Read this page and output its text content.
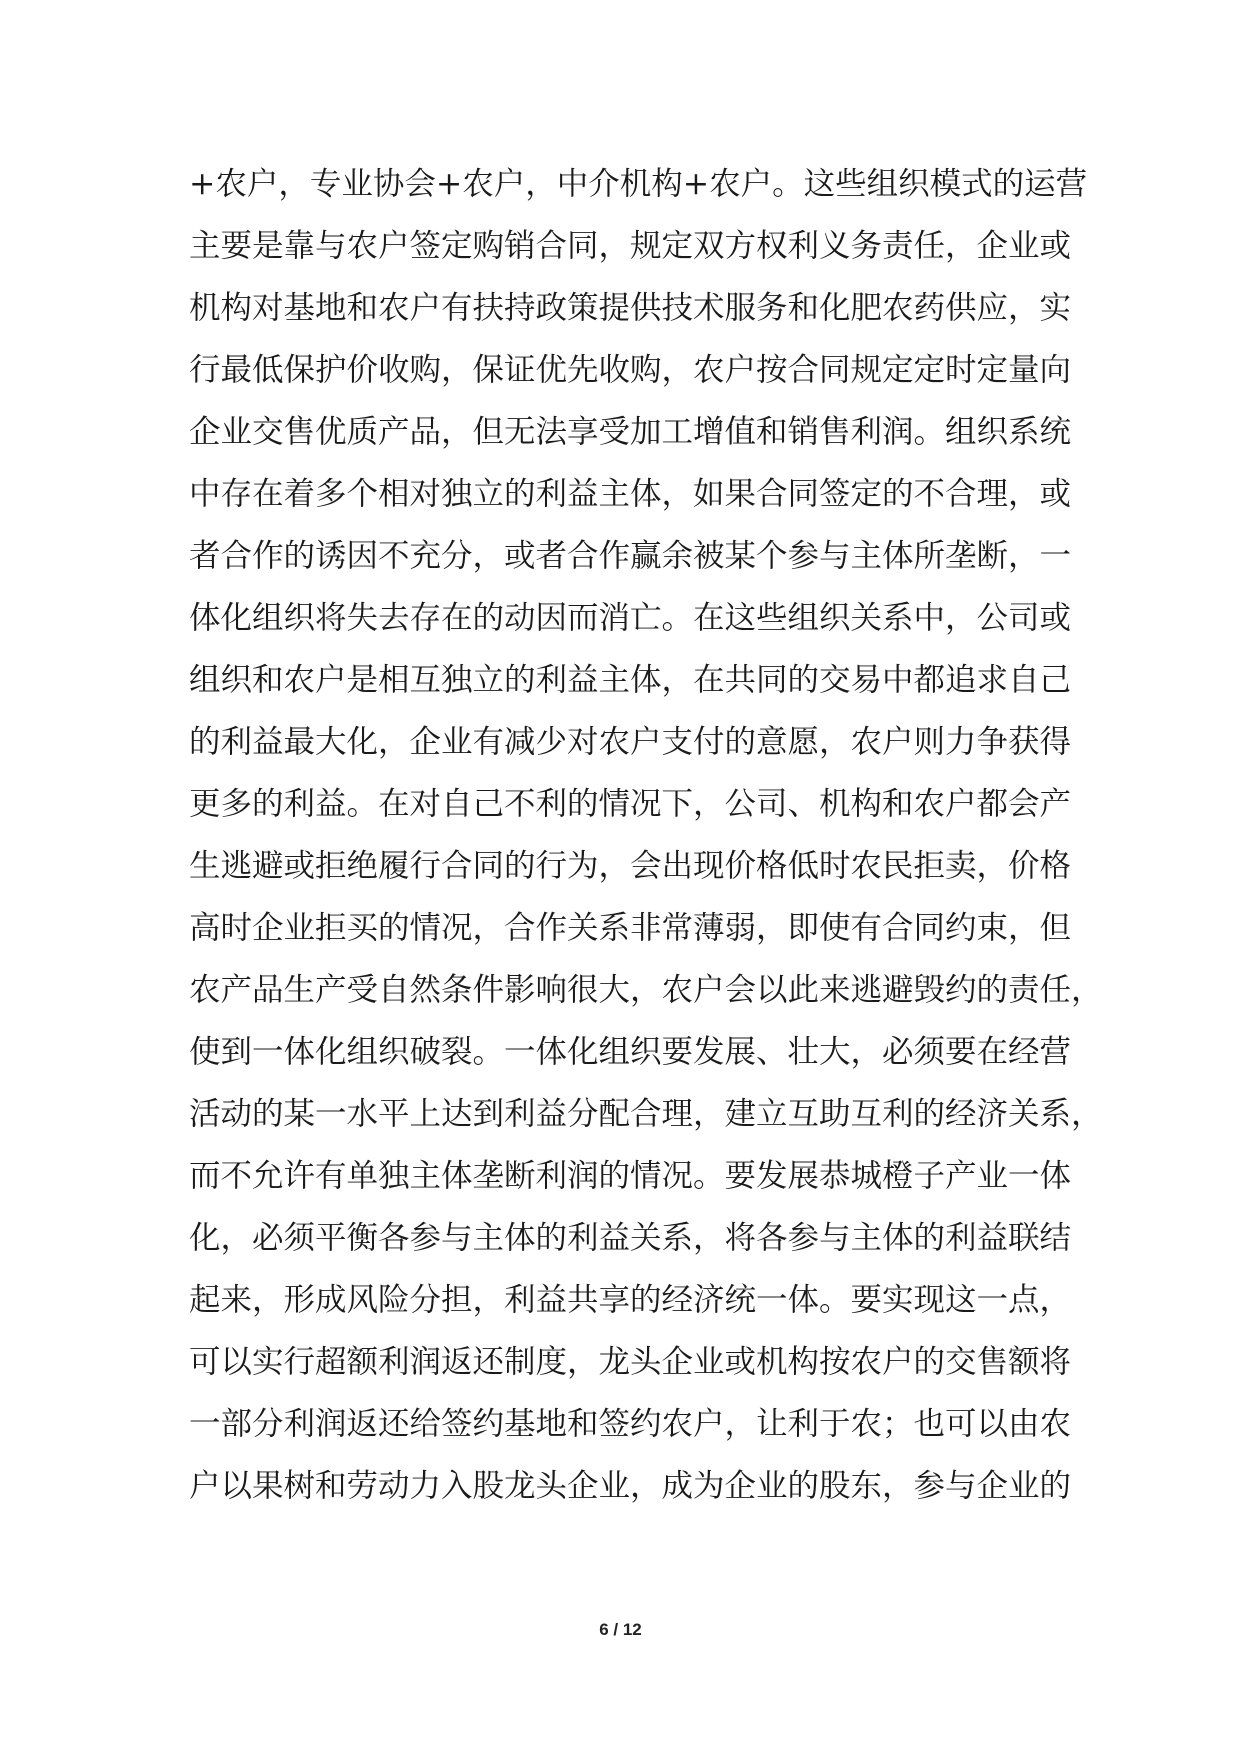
+农户，专业协会+农户，中介机构+农户。这些组织模式的运营
主要是靠与农户签定购销合同，规定双方权利义务责任，企业或
机构对基地和农户有扶持政策提供技术服务和化肥农药供应，实
行最低保护价收购，保证优先收购，农户按合同规定定时定量向
企业交售优质产品，但无法享受加工增值和销售利润。组织系统
中存在着多个相对独立的利益主体，如果合同签定的不合理，或
者合作的诱因不充分，或者合作赢余被某个参与主体所垄断，一
体化组织将失去存在的动因而消亡。在这些组织关系中，公司或
组织和农户是相互独立的利益主体，在共同的交易中都追求自己
的利益最大化，企业有减少对农户支付的意愿，农户则力争获得
更多的利益。在对自己不利的情况下，公司、机构和农户都会产
生逃避或拒绝履行合同的行为，会出现价格低时农民拒卖，价格
高时企业拒买的情况，合作关系非常薄弱，即使有合同约束，但
农产品生产受自然条件影响很大，农户会以此来逃避毁约的责任，
使到一体化组织破裂。一体化组织要发展、壮大，必须要在经营
活动的某一水平上达到利益分配合理，建立互助互利的经济关系，
而不允许有单独主体垄断利润的情况。要发展恭城橙子产业一体
化，必须平衡各参与主体的利益关系，将各参与主体的利益联结
起来，形成风险分担，利益共享的经济统一体。要实现这一点，
可以实行超额利润返还制度，龙头企业或机构按农户的交售额将
一部分利润返还给签约基地和签约农户，让利于农；也可以由农
户以果树和劳动力入股龙头企业，成为企业的股东，参与企业的
6 / 12
